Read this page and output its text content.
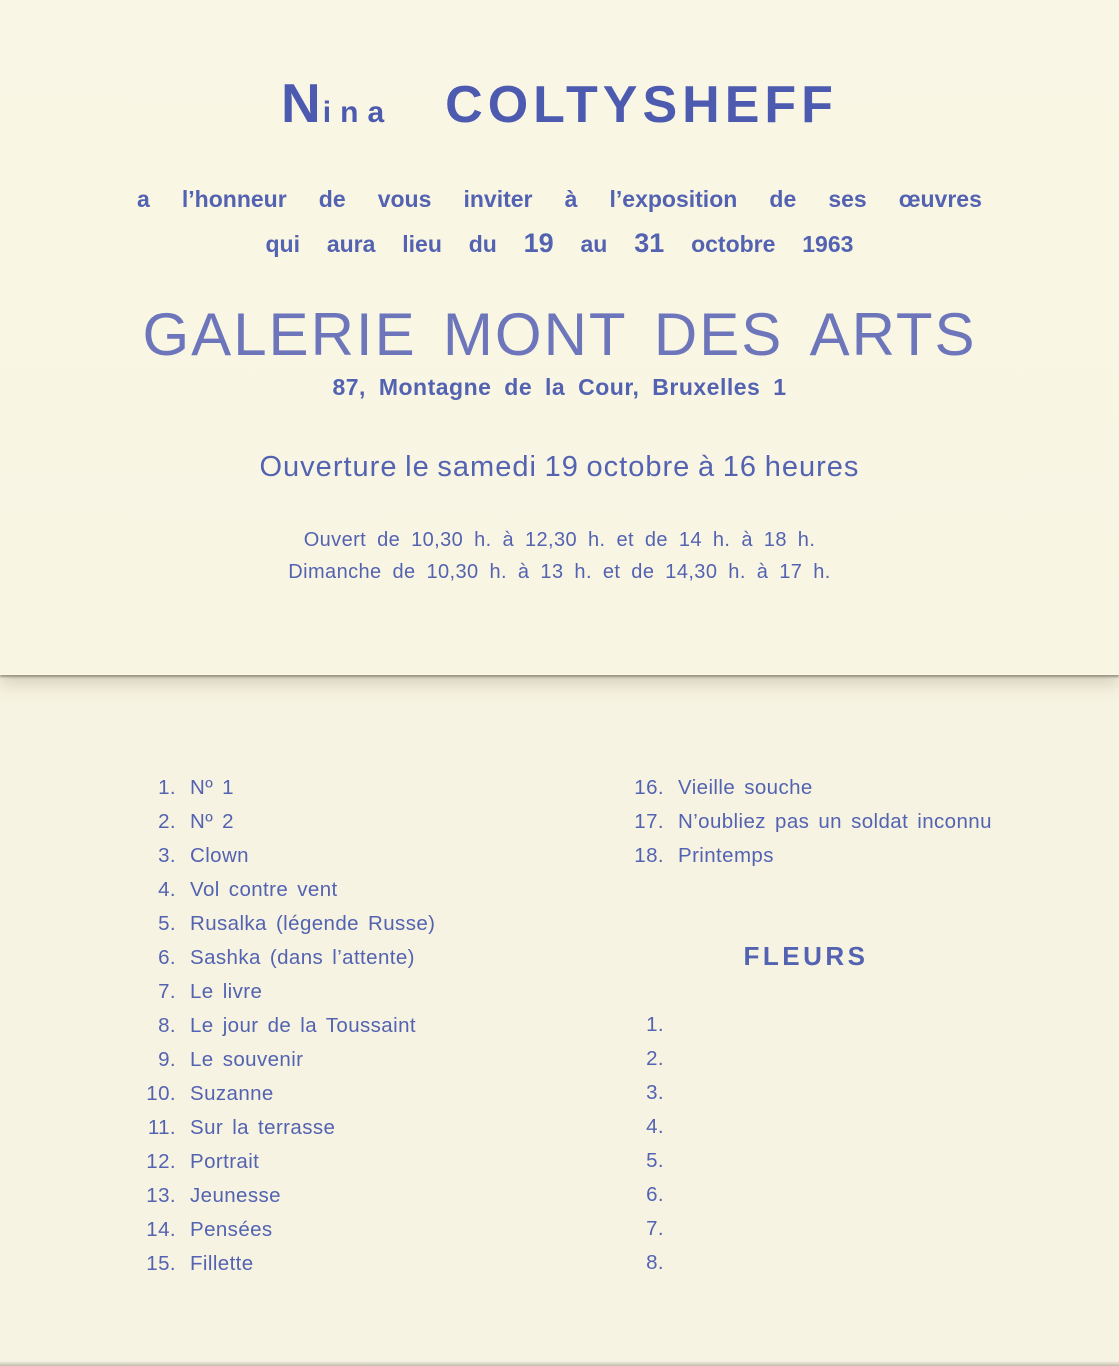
Nina COLTYSHEFF
a l’honneur de vous inviter à l’exposition de ses œuvres
qui aura lieu du 19 au 31 octobre 1963
GALERIE MONT DES ARTS
87, Montagne de la Cour, Bruxelles 1
Ouverture le samedi 19 octobre à 16 heures
Ouvert de 10,30 h. à 12,30 h. et de 14 h. à 18 h.
Dimanche de 10,30 h. à 13 h. et de 14,30 h. à 17 h.
1. Nº 1
2. Nº 2
3. Clown
4. Vol contre vent
5. Rusalka (légende Russe)
6. Sashka (dans l’attente)
7. Le livre
8. Le jour de la Toussaint
9. Le souvenir
10. Suzanne
11. Sur la terrasse
12. Portrait
13. Jeunesse
14. Pensées
15. Fillette
16. Vieille souche
17. N’oubliez pas un soldat inconnu
18. Printemps
FLEURS
1.
2.
3.
4.
5.
6.
7.
8.
